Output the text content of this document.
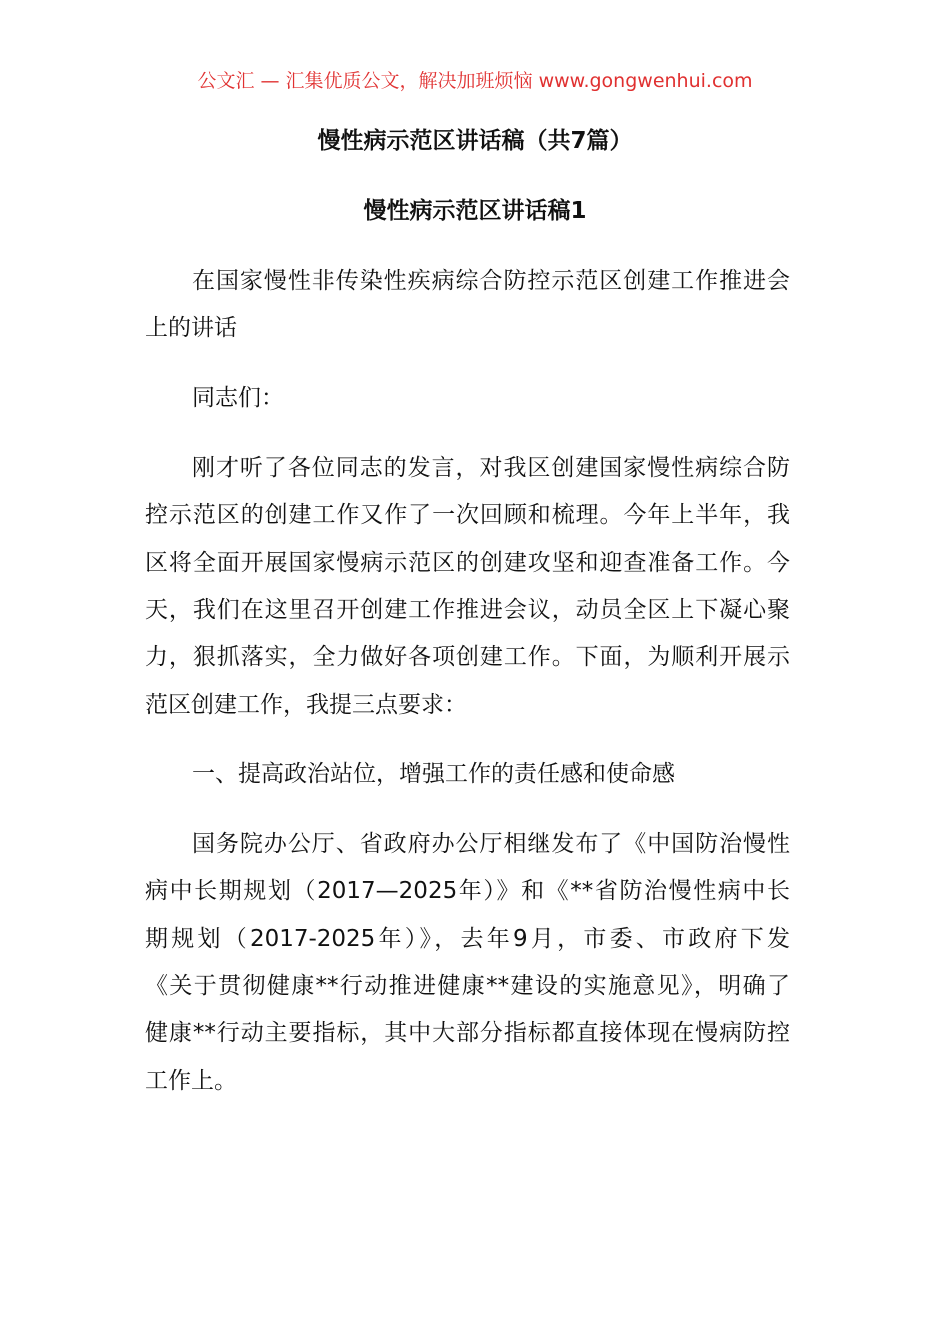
公文汇 — 汇集优质公文，解决加班烦恼 www.gongwenhui.com
慢性病示范区讲话稿（共7篇）
慢性病示范区讲话稿1
在国家慢性非传染性疾病综合防控示范区创建工作推进会
上的讲话
同志们：
刚才听了各位同志的发言，对我区创建国家慢性病综合防
控示范区的创建工作又作了一次回顾和梳理。今年上半年，我
区将全面开展国家慢病示范区的创建攻坚和迎查准备工作。今
天，我们在这里召开创建工作推进会议，动员全区上下凝心聚
力，狠抓落实，全力做好各项创建工作。下面，为顺利开展示
范区创建工作，我提三点要求：
一、提高政治站位，增强工作的责任感和使命感
国务院办公厅、省政府办公厅相继发布了《中国防治慢性
病中长期规划（2017—2025年）》和《**省防治慢性病中长
期规划（2017-2025年）》，去年9月，市委、市政府下发
《关于贯彻健康**行动推进健康**建设的实施意见》，明确了
健康**行动主要指标，其中大部分指标都直接体现在慢病防控
工作上。
